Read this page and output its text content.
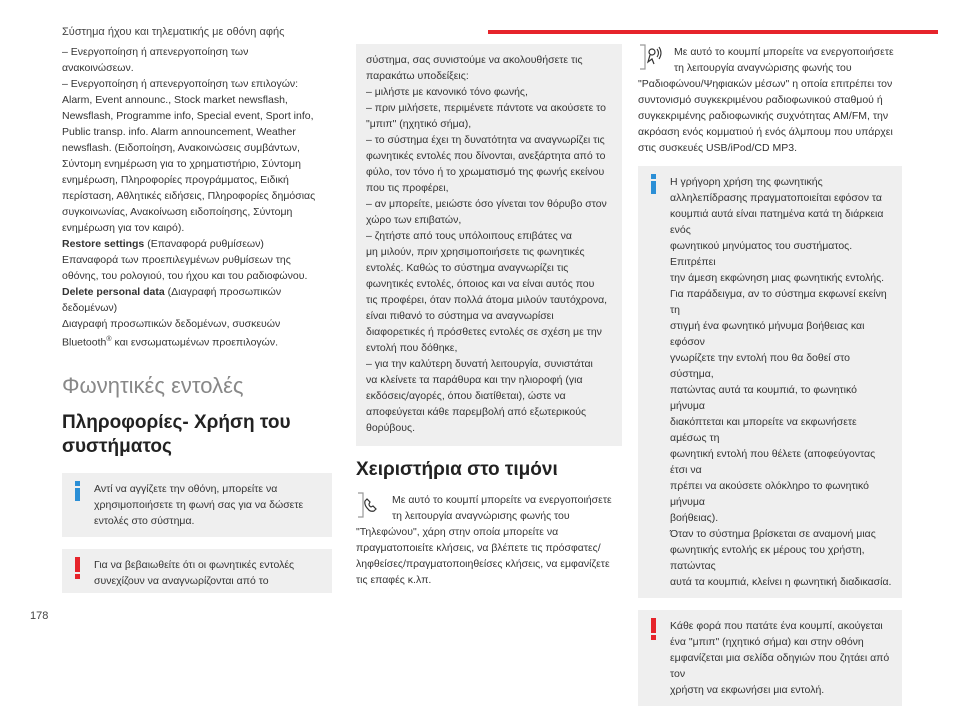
Σύστημα ήχου και τηλεματικής με οθόνη αφής
– Ενεργοποίηση ή απενεργοποίηση των
ανακοινώσεων.
– Ενεργοποίηση ή απενεργοποίηση των επιλογών:
Alarm, Event announc., Stock market newsflash,
Newsflash, Programme info, Special event, Sport info,
Public transp. info. Alarm announcement, Weather
newsflash. (Ειδοποίηση, Ανακοινώσεις συμβάντων,
Σύντομη ενημέρωση για το χρηματιστήριο, Σύντομη
ενημέρωση, Πληροφορίες προγράμματος, Ειδική
περίσταση, Αθλητικές ειδήσεις, Πληροφορίες δημόσιας
συγκοινωνίας, Ανακοίνωση ειδοποίησης, Σύντομη
ενημέρωση για τον καιρό).

Restore settings (Επαναφορά ρυθμίσεων)

Επαναφορά των προεπιλεγμένων ρυθμίσεων της
οθόνης, του ρολογιού, του ήχου και του ραδιοφώνου.

Delete personal data (Διαγραφή προσωπικών

δεδομένων)
Διαγραφή προσωπικών δεδομένων, συσκευών

Bluetooth® και ενσωματωμένων προεπιλογών.

Φωνητικές εντολές
Πληροφορίες- Χρήση του
συστήματος
Αντί να αγγίζετε την οθόνη, μπορείτε να
χρησιμοποιήσετε τη φωνή σας για να δώσετε
εντολές στο σύστημα.
Για να βεβαιωθείτε ότι οι φωνητικές εντολές
συνεχίζουν να αναγνωρίζονται από το
σύστημα, σας συνιστούμε να ακολουθήσετε τις
παρακάτω υποδείξεις:
– μιλήστε με κανονικό τόνο φωνής,
– πριν μιλήσετε, περιμένετε πάντοτε να ακούσετε το
"μπιπ" (ηχητικό σήμα),
– το σύστημα έχει τη δυνατότητα να αναγνωρίζει τις
φωνητικές εντολές που δίνονται, ανεξάρτητα από το
φύλο, τον τόνο ή το χρωματισμό της φωνής εκείνου
που τις προφέρει,
– αν μπορείτε, μειώστε όσο γίνεται τον θόρυβο στον
χώρο των επιβατών,
– ζητήστε από τους υπόλοιπους επιβάτες να
μη μιλούν, πριν χρησιμοποιήσετε τις φωνητικές
εντολές. Καθώς το σύστημα αναγνωρίζει τις
φωνητικές εντολές, όποιος και να είναι αυτός που
τις προφέρει, όταν πολλά άτομα μιλούν ταυτόχρονα,
είναι πιθανό το σύστημα να αναγνωρίσει
διαφορετικές ή πρόσθετες εντολές σε σχέση με την
εντολή που δόθηκε,
– για την καλύτερη δυνατή λειτουργία, συνιστάται
να κλείνετε τα παράθυρα και την ηλιοροφή (για
εκδόσεις/αγορές, όπου διατίθεται), ώστε να
αποφεύγεται κάθε παρεμβολή από εξωτερικούς
θορύβους.
Χειριστήρια στο τιμόνι
Με αυτό το κουμπί μπορείτε να ενεργοποιήσετε
τη λειτουργία αναγνώρισης φωνής του
"Τηλεφώνου", χάρη στην οποία μπορείτε να
πραγματοποιείτε κλήσεις, να βλέπετε τις πρόσφατες/
ληφθείσες/πραγματοποιηθείσες κλήσεις, να εμφανίζετε
τις επαφές κ.λπ.
Με αυτό το κουμπί μπορείτε να ενεργοποιήσετε
τη λειτουργία αναγνώρισης φωνής του
"Ραδιοφώνου/Ψηφιακών μέσων" η οποία επιτρέπει τον
συντονισμό συγκεκριμένου ραδιοφωνικού σταθμού ή
συγκεκριμένης ραδιοφωνικής συχνότητας AM/FM, την
ακρόαση ενός κομματιού ή ενός άλμπουμ που υπάρχει
στις συσκευές USB/iPod/CD MP3.
Η γρήγορη χρήση της φωνητικής
αλληλεπίδρασης πραγματοποιείται εφόσον τα
κουμπιά αυτά είναι πατημένα κατά τη διάρκεια ενός
φωνητικού μηνύματος του συστήματος. Επιτρέπει
την άμεση εκφώνηση μιας φωνητικής εντολής.
Για παράδειγμα, αν το σύστημα εκφωνεί εκείνη τη
στιγμή ένα φωνητικό μήνυμα βοήθειας και εφόσον
γνωρίζετε την εντολή που θα δοθεί στο σύστημα,
πατώντας αυτά τα κουμπιά, το φωνητικό μήνυμα
διακόπτεται και μπορείτε να εκφωνήσετε αμέσως τη
φωνητική εντολή που θέλετε (αποφεύγοντας έτσι να
πρέπει να ακούσετε ολόκληρο το φωνητικό μήνυμα
βοήθειας).
Όταν το σύστημα βρίσκεται σε αναμονή μιας
φωνητικής εντολής εκ μέρους του χρήστη, πατώντας
αυτά τα κουμπιά, κλείνει η φωνητική διαδικασία.
Κάθε φορά που πατάτε ένα κουμπί, ακούγεται
ένα "μπιπ" (ηχητικό σήμα) και στην οθόνη
εμφανίζεται μια σελίδα οδηγιών που ζητάει από τον
χρήστη να εκφωνήσει μια εντολή.
178
